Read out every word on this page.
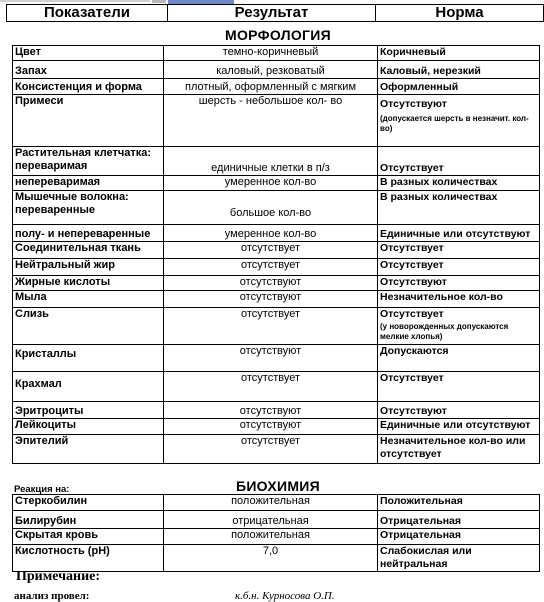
Показатели	Результат	Норма
МОРФОЛОГИЯ
Цвет	темно-коричневый	Коричневый
Запах	каловый, резковатый	Каловый, нерезкий
Консистенция и форма	плотный, оформленный с мягким	Оформленный
Примеси	шерсть - небольшое кол- во	Отсутствуют
(допускается шерсть в незначит. кол-во)

Растительная клетчатка: переваримая	единичные клетки в п/з	Отсутствует
непереваримая	умеренное кол-во	В разных количествах
Мышечные волокна: переваренные	большое кол-во	В разных количествах
полу- и непереваренные	умеренное кол-во	Единичные или отсутствуют
Соединительная ткань	отсутствует	Отсутствует
Нейтральный жир	отсутствует	Отсутствует
Жирные кислоты	отсутствуют	Отсутствуют
Мыла	отсутствуют	Незначительное кол-во
Слизь	отсутствует	Отсутствует
(у новорожденных допускаются мелкие хлопья)

Кристаллы	отсутствуют	Допускаются
Крахмал	отсутствует	Отсутствует
Эритроциты	отсутствуют	Отсутствуют
Лейкоциты	отсутствуют	Единичные или отсутствуют
Эпителий	отсутствует	Незначительное кол-во или отсутствует
БИОХИМИЯ
Реакция на:
Стеркобилин	положительная	Положительная
Билирубин	отрицательная	Отрицательная
Скрытая кровь	положительная	Отрицательная
Кислотность (pH)	7,0	Слабокислая или нейтральная
Примечание:
анализ провел:	к.б.н. Курносова О.П.
